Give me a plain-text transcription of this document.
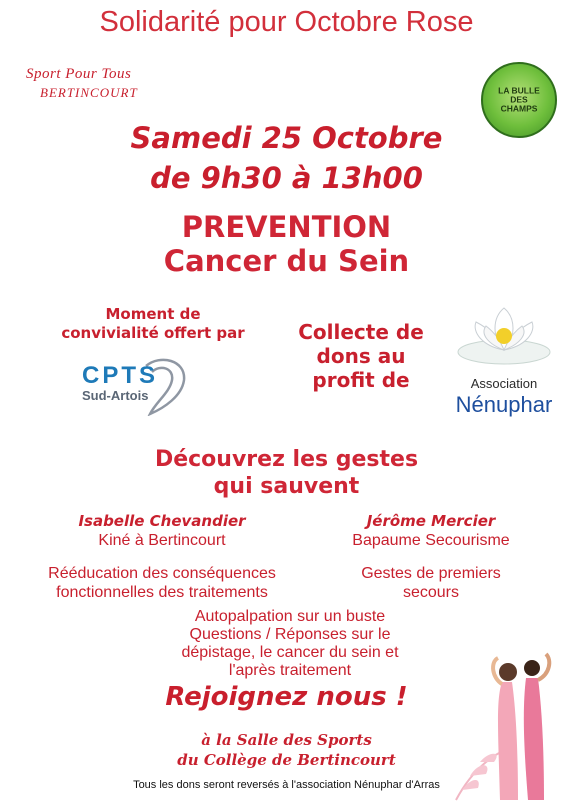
Solidarité pour Octobre Rose
Sport Pour Tous
BERTINCOURT	LA BULLE DES CHAMPS
Samedi 25 Octobre
de 9h30 à 13h00
PREVENTION
Cancer du Sein
Moment de
convivialité offert par
CPTS
Sud-Artois
Collecte de
dons au
profit de	Association
Nénuphar
Découvrez les gestes
qui sauvent
Isabelle Chevandier
Kiné à Bertincourt
Rééducation des conséquences
fonctionnelles des traitements
Jérôme Mercier
Bapaume Secourisme
Gestes de premiers
secours
Autopalpation sur un buste
Questions / Réponses sur le
dépistage, le cancer du sein et
l'après traitement
Rejoignez nous !
à la Salle des Sports
du Collège de Bertincourt
Tous les dons seront reversés à l'association Nénuphar d'Arras
